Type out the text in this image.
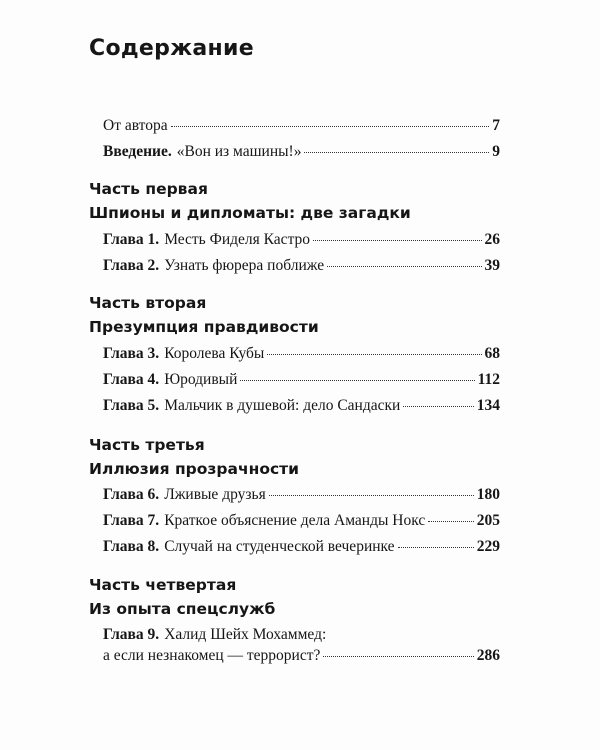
Содержание
От автора	7
Введение. «Вон из машины!»	9
Часть первая
Шпионы и дипломаты: две загадки
Глава 1. Месть Фиделя Кастро	26
Глава 2. Узнать фюрера поближе	39
Часть вторая
Презумпция правдивости
Глава 3. Королева Кубы	68
Глава 4. Юродивый	112
Глава 5. Мальчик в душевой: дело Сандаски	134
Часть третья
Иллюзия прозрачности
Глава 6. Лживые друзья	180
Глава 7. Краткое объяснение дела Аманды Нокс	205
Глава 8. Случай на студенческой вечеринке	229
Часть четвертая
Из опыта спецслужб
Глава 9. Халид Шейх Мохаммед:
а если незнакомец — террорист?	286
